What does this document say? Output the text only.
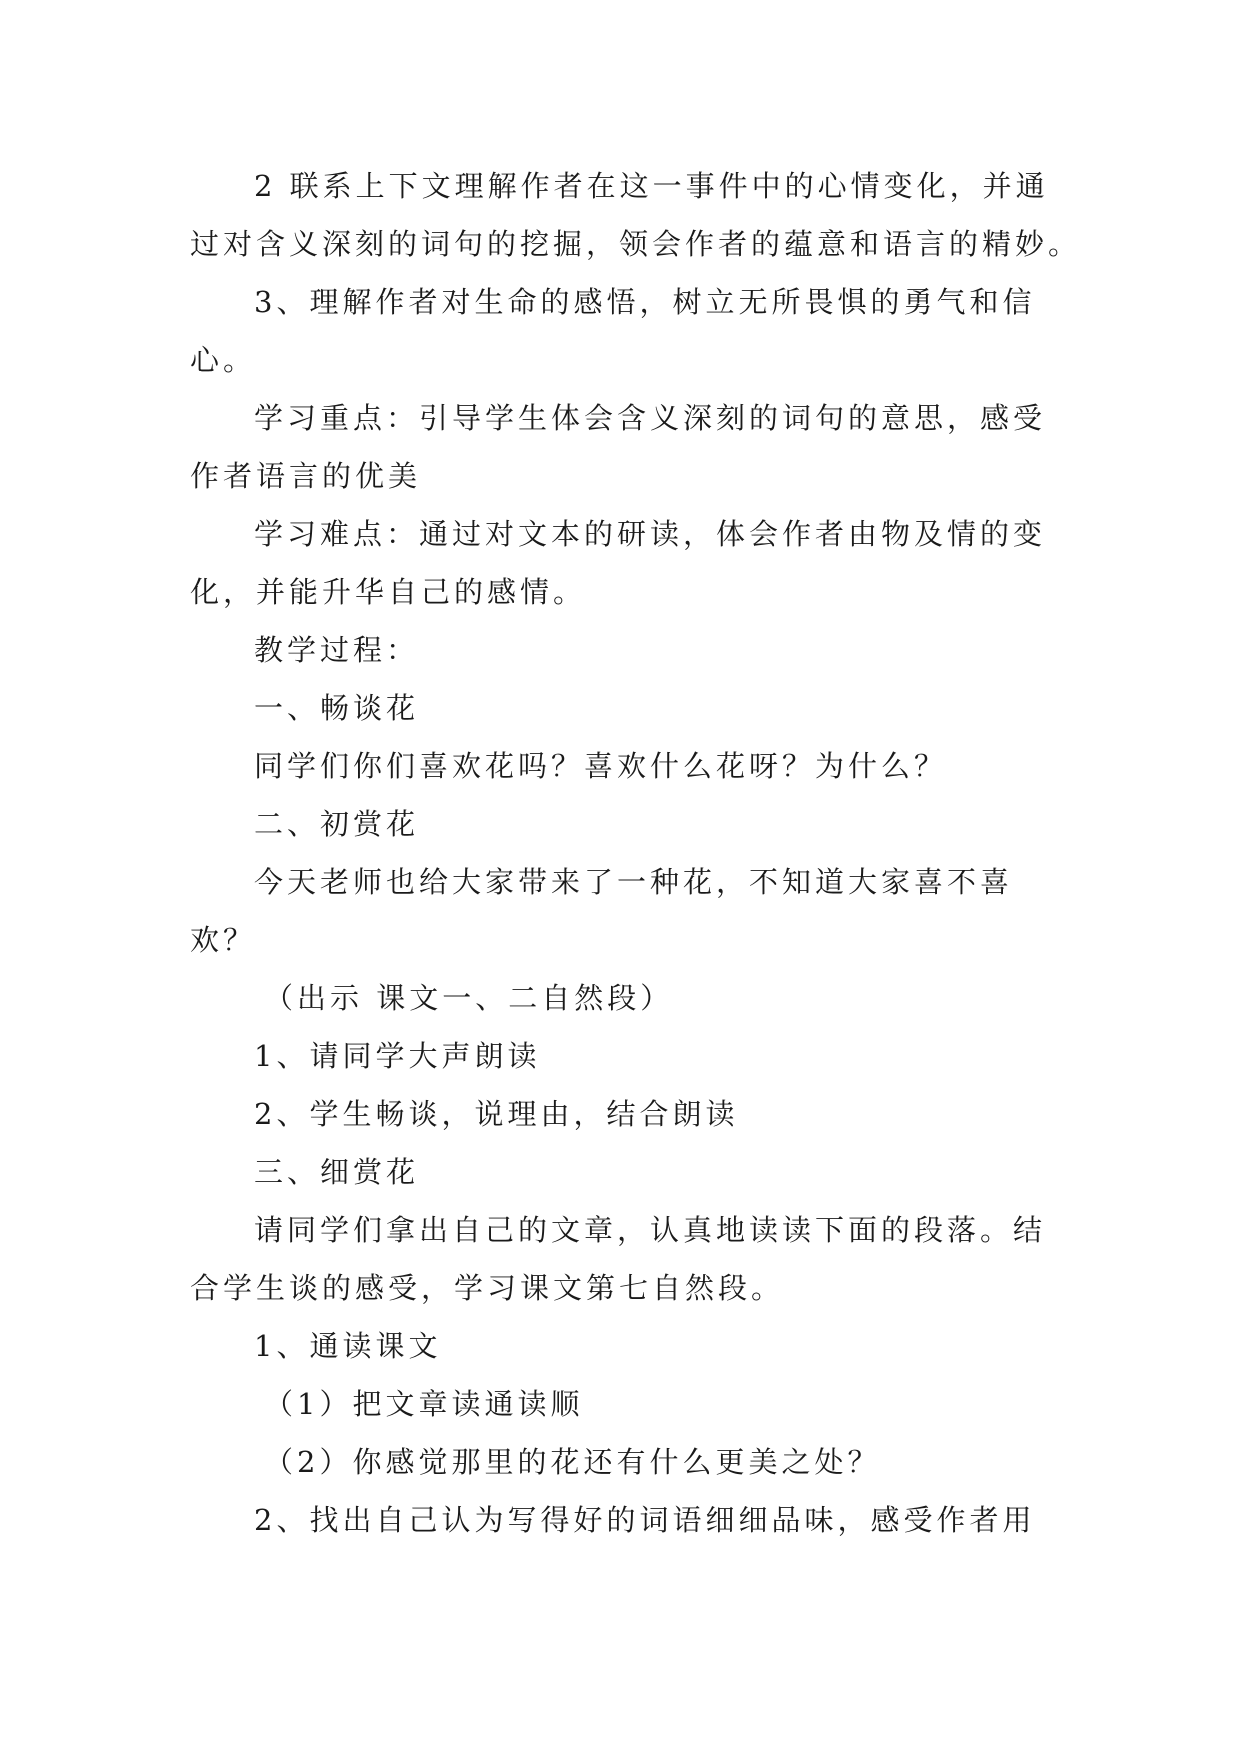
2 联系上下文理解作者在这一事件中的心情变化，并通
过对含义深刻的词句的挖掘，领会作者的蕴意和语言的精妙。
3、理解作者对生命的感悟，树立无所畏惧的勇气和信
心。
学习重点：引导学生体会含义深刻的词句的意思，感受
作者语言的优美
学习难点：通过对文本的研读，体会作者由物及情的变
化，并能升华自己的感情。
教学过程：
一、畅谈花
同学们你们喜欢花吗？喜欢什么花呀？为什么？
二、初赏花
今天老师也给大家带来了一种花，不知道大家喜不喜
欢？
（出示 课文一、二自然段）
1、请同学大声朗读
2、学生畅谈，说理由，结合朗读
三、细赏花
请同学们拿出自己的文章，认真地读读下面的段落。结
合学生谈的感受，学习课文第七自然段。
1、通读课文
（1）把文章读通读顺
（2）你感觉那里的花还有什么更美之处？
2、找出自己认为写得好的词语细细品味，感受作者用
